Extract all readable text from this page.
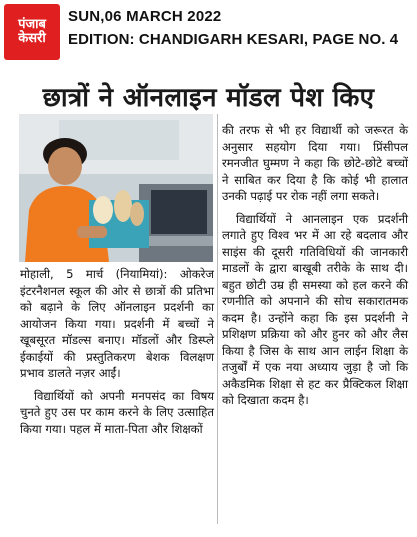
पंजाब
केसरी
SUN,06 MARCH 2022
EDITION: CHANDIGARH KESARI, PAGE NO. 4
छात्रों ने ऑनलाइन मॉडल पेश किए

मोहाली, 5 मार्च (नियामियां): ओकरेज इंटरनैशनल स्कूल की ओर से छात्रों की प्रतिभा को बढ़ाने के लिए ऑनलाइन प्रदर्शनी का आयोजन किया गया। प्रदर्शनी में बच्चों ने खूबसूरत मॉडल्स बनाए। मॉडलों और डिस्प्ले ईकाईयों की प्रस्तुतिकरण बेशक विलक्षण प्रभाव डालते नज़र आईं।

विद्यार्थियों को अपनी मनपसंद का विषय चुनते हुए उस पर काम करने के लिए उत्साहित किया गया। पहल में माता-पिता और शिक्षकों

की तरफ से भी हर विद्यार्थी को जरूरत के अनुसार सहयोग दिया गया। प्रिंसीपल रमनजीत घुम्मण ने कहा कि छोटे-छोटे बच्चों ने साबित कर दिया है कि कोई भी हालात उनकी पढ़ाई पर रोक नहीं लगा सकते।

विद्यार्थियों ने आनलाइन एक प्रदर्शनी लगाते हुए विश्व भर में आ रहे बदलाव और साइंस की दूसरी गतिविधियों की जानकारी माडलों के द्वारा बाखूबी तरीके के साथ दी। बहुत छोटी उम्र ही समस्या को हल करने की रणनीति को अपनाने की सोच सकारातमक कदम है। उन्होंने कहा कि इस प्रदर्शनी ने प्रशिक्षण प्रक्रिया को और हुनर को और लैस किया है जिस के साथ आन लाईन शिक्षा के तजुर्बों में एक नया अध्याय जुड़ा है जो कि अकैडमिक शिक्षा से हट कर प्रैक्टिकल शिक्षा को दिखाता कदम है।
